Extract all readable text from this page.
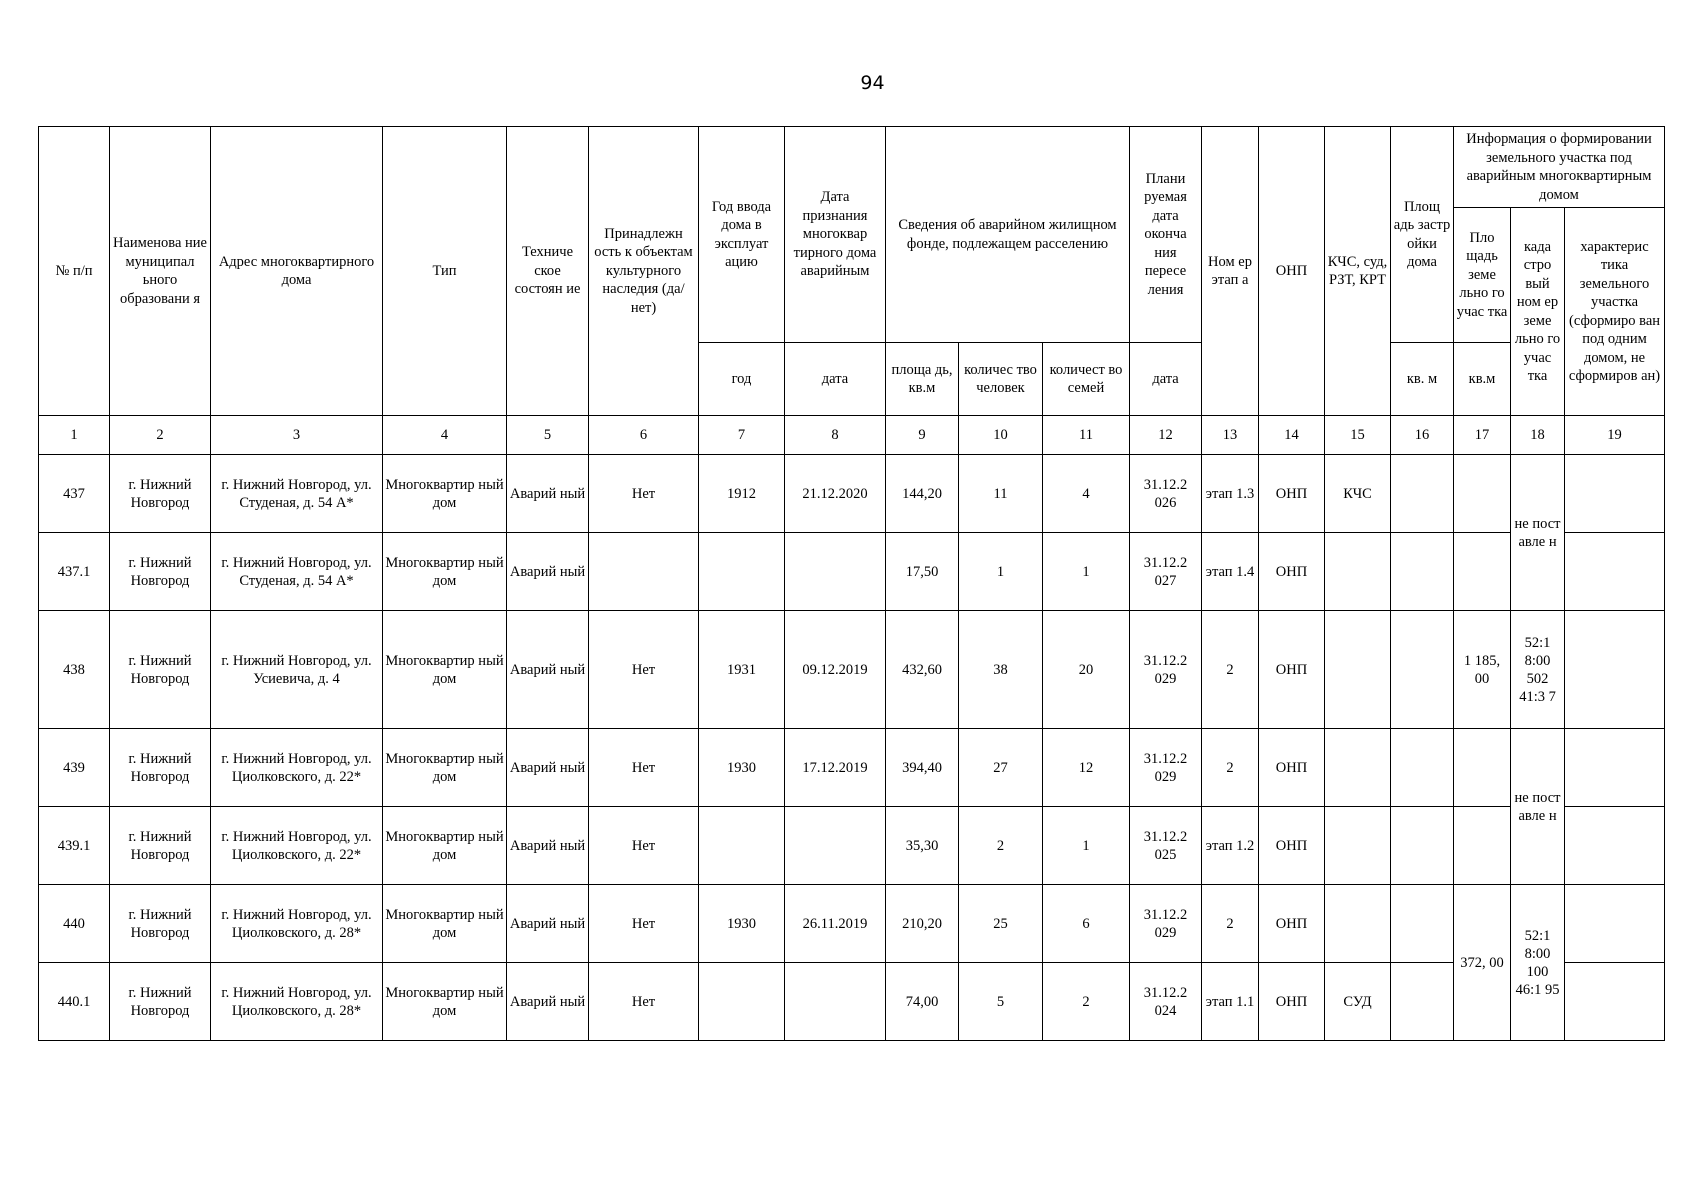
94
№ п/п	Наименова ние муниципал ьного образовани я	Адрес многоквартирного дома	Тип	Техниче ское состоян ие	Принадлежн ость к объектам культурного наследия (да/нет)	Год ввода дома в эксплуат ацию	Дата признания многоквар тирного дома аварийным	Сведения об аварийном жилищном фонде, подлежащем расселению			Плани руемая дата оконча ния пересе ления	Ном ер этап а	ОНП	КЧС, суд, РЗТ, КРТ	Площ адь застр ойки дома	Информация о формировании земельного участка под аварийным многоквартирным домом		
																Пло щадь земе льно го учас тка	када стро вый ном ер земе льно го учас тка	характерис тика земельного участка (сформиро ван под одним домом, не сформиров ан)
						год	дата	площа дь, кв.м	количес тво человек	количест во семей	дата				кв. м	кв.м		
1	2	3	4	5	6	7	8	9	10	11	12	13	14	15	16	17	18	19
437	г. Нижний Новгород	г. Нижний Новгород, ул. Студеная, д. 54 А*	Многоквартир ный дом	Аварий ный	Нет	1912	21.12.2020	144,20	11	4	31.12.2 026	этап 1.3	ОНП	КЧС			не пост авле н	
437.1	г. Нижний Новгород	г. Нижний Новгород, ул. Студеная, д. 54 А*	Многоквартир ный дом	Аварий ный				17,50	1	1	31.12.2 027	этап 1.4	ОНП					
438	г. Нижний Новгород	г. Нижний Новгород, ул. Усиевича, д. 4	Многоквартир ный дом	Аварий ный	Нет	1931	09.12.2019	432,60	38	20	31.12.2 029	2	ОНП			1 185, 00	52:1 8:00 502 41:3 7	
439	г. Нижний Новгород	г. Нижний Новгород, ул. Циолковского, д. 22*	Многоквартир ный дом	Аварий ный	Нет	1930	17.12.2019	394,40	27	12	31.12.2 029	2	ОНП				не пост авле н	
439.1	г. Нижний Новгород	г. Нижний Новгород, ул. Циолковского, д. 22*	Многоквартир ный дом	Аварий ный	Нет			35,30	2	1	31.12.2 025	этап 1.2	ОНП					
440	г. Нижний Новгород	г. Нижний Новгород, ул. Циолковского, д. 28*	Многоквартир ный дом	Аварий ный	Нет	1930	26.11.2019	210,20	25	6	31.12.2 029	2	ОНП			372, 00	52:1 8:00 100 46:1 95	
440.1	г. Нижний Новгород	г. Нижний Новгород, ул. Циолковского, д. 28*	Многоквартир ный дом	Аварий ный	Нет			74,00	5	2	31.12.2 024	этап 1.1	ОНП	СУД				
